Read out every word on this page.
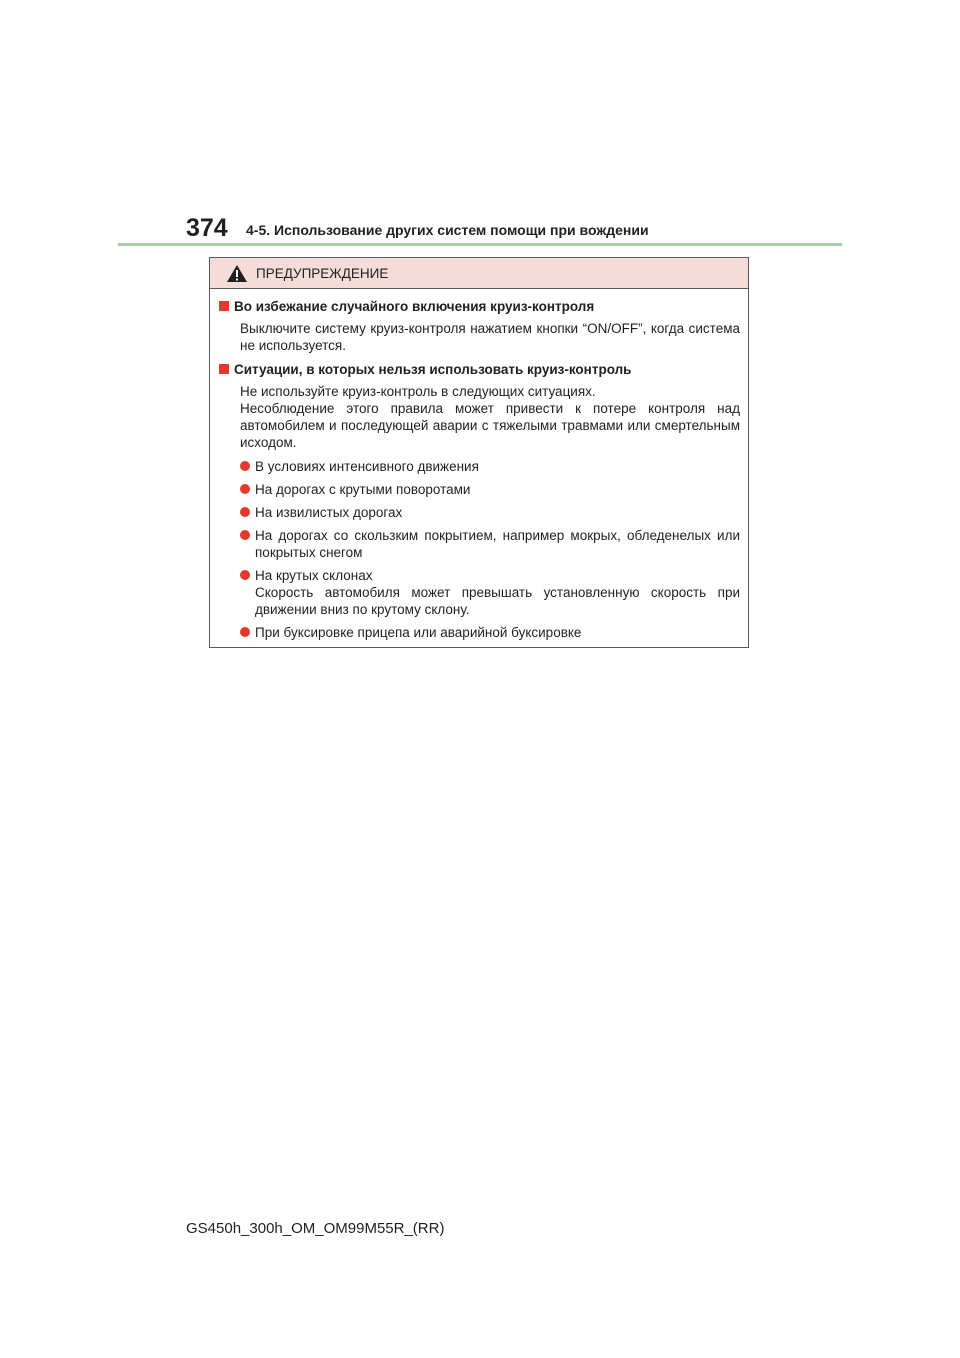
374 4-5. Использование других систем помощи при вождении
ПРЕДУПРЕЖДЕНИЕ
Во избежание случайного включения круиз-контроля
Выключите систему круиз-контроля нажатием кнопки “ON/OFF”, когда система не используется.
Ситуации, в которых нельзя использовать круиз-контроль
Не используйте круиз-контроль в следующих ситуациях.
Несоблюдение этого правила может привести к потере контроля над автомобилем и последующей аварии с тяжелыми травмами или смертельным исходом.
В условиях интенсивного движения
На дорогах с крутыми поворотами
На извилистых дорогах
На дорогах со скользким покрытием, например мокрых, обледенелых или покрытых снегом
На крутых склонах
Скорость автомобиля может превышать установленную скорость при движении вниз по крутому склону.
При буксировке прицепа или аварийной буксировке
GS450h_300h_OM_OM99M55R_(RR)
